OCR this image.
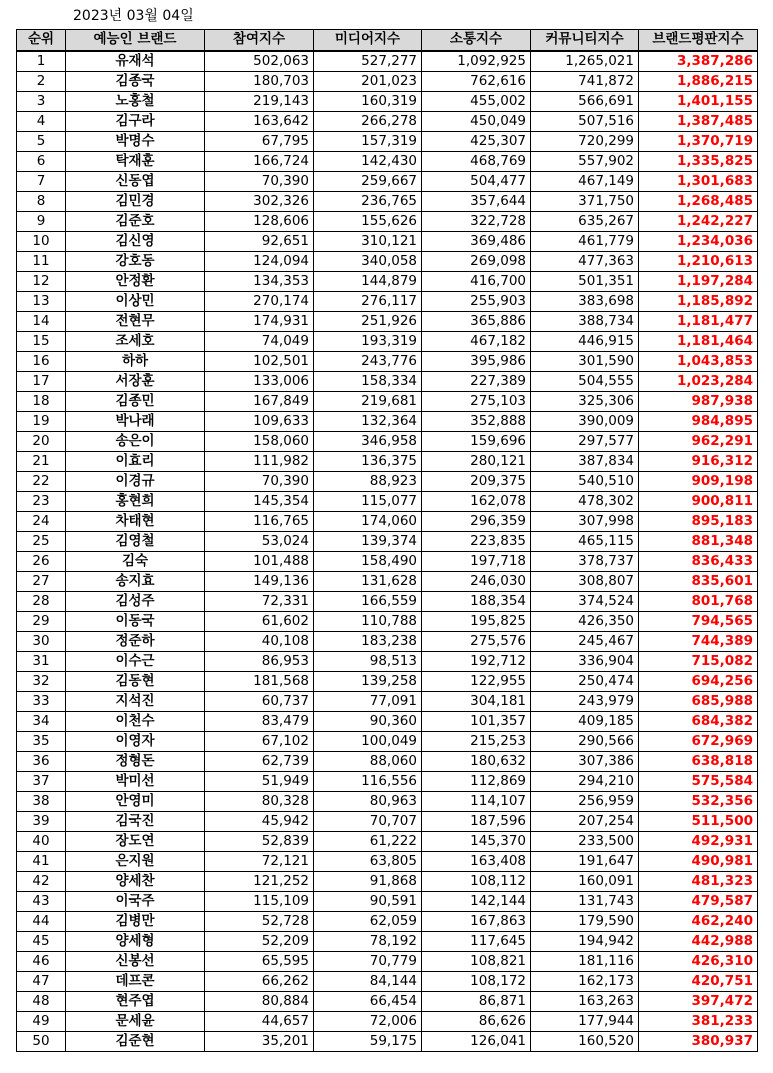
2023년 03월 04일
순위	예능인 브랜드	참여지수	미디어지수	소통지수	커뮤니티지수	브랜드평판지수
1	유재석	502,063	527,277	1,092,925	1,265,021	3,387,286
2	김종국	180,703	201,023	762,616	741,872	1,886,215
3	노홍철	219,143	160,319	455,002	566,691	1,401,155
4	김구라	163,642	266,278	450,049	507,516	1,387,485
5	박명수	67,795	157,319	425,307	720,299	1,370,719
6	탁재훈	166,724	142,430	468,769	557,902	1,335,825
7	신동엽	70,390	259,667	504,477	467,149	1,301,683
8	김민경	302,326	236,765	357,644	371,750	1,268,485
9	김준호	128,606	155,626	322,728	635,267	1,242,227
10	김신영	92,651	310,121	369,486	461,779	1,234,036
11	강호동	124,094	340,058	269,098	477,363	1,210,613
12	안정환	134,353	144,879	416,700	501,351	1,197,284
13	이상민	270,174	276,117	255,903	383,698	1,185,892
14	전현무	174,931	251,926	365,886	388,734	1,181,477
15	조세호	74,049	193,319	467,182	446,915	1,181,464
16	하하	102,501	243,776	395,986	301,590	1,043,853
17	서장훈	133,006	158,334	227,389	504,555	1,023,284
18	김종민	167,849	219,681	275,103	325,306	987,938
19	박나래	109,633	132,364	352,888	390,009	984,895
20	송은이	158,060	346,958	159,696	297,577	962,291
21	이효리	111,982	136,375	280,121	387,834	916,312
22	이경규	70,390	88,923	209,375	540,510	909,198
23	홍현희	145,354	115,077	162,078	478,302	900,811
24	차태현	116,765	174,060	296,359	307,998	895,183
25	김영철	53,024	139,374	223,835	465,115	881,348
26	김숙	101,488	158,490	197,718	378,737	836,433
27	송지효	149,136	131,628	246,030	308,807	835,601
28	김성주	72,331	166,559	188,354	374,524	801,768
29	이동국	61,602	110,788	195,825	426,350	794,565
30	정준하	40,108	183,238	275,576	245,467	744,389
31	이수근	86,953	98,513	192,712	336,904	715,082
32	김동현	181,568	139,258	122,955	250,474	694,256
33	지석진	60,737	77,091	304,181	243,979	685,988
34	이천수	83,479	90,360	101,357	409,185	684,382
35	이영자	67,102	100,049	215,253	290,566	672,969
36	정형돈	62,739	88,060	180,632	307,386	638,818
37	박미선	51,949	116,556	112,869	294,210	575,584
38	안영미	80,328	80,963	114,107	256,959	532,356
39	김국진	45,942	70,707	187,596	207,254	511,500
40	장도연	52,839	61,222	145,370	233,500	492,931
41	은지원	72,121	63,805	163,408	191,647	490,981
42	양세찬	121,252	91,868	108,112	160,091	481,323
43	이국주	115,109	90,591	142,144	131,743	479,587
44	김병만	52,728	62,059	167,863	179,590	462,240
45	양세형	52,209	78,192	117,645	194,942	442,988
46	신봉선	65,595	70,779	108,821	181,116	426,310
47	데프콘	66,262	84,144	108,172	162,173	420,751
48	현주엽	80,884	66,454	86,871	163,263	397,472
49	문세윤	44,657	72,006	86,626	177,944	381,233
50	김준현	35,201	59,175	126,041	160,520	380,937
